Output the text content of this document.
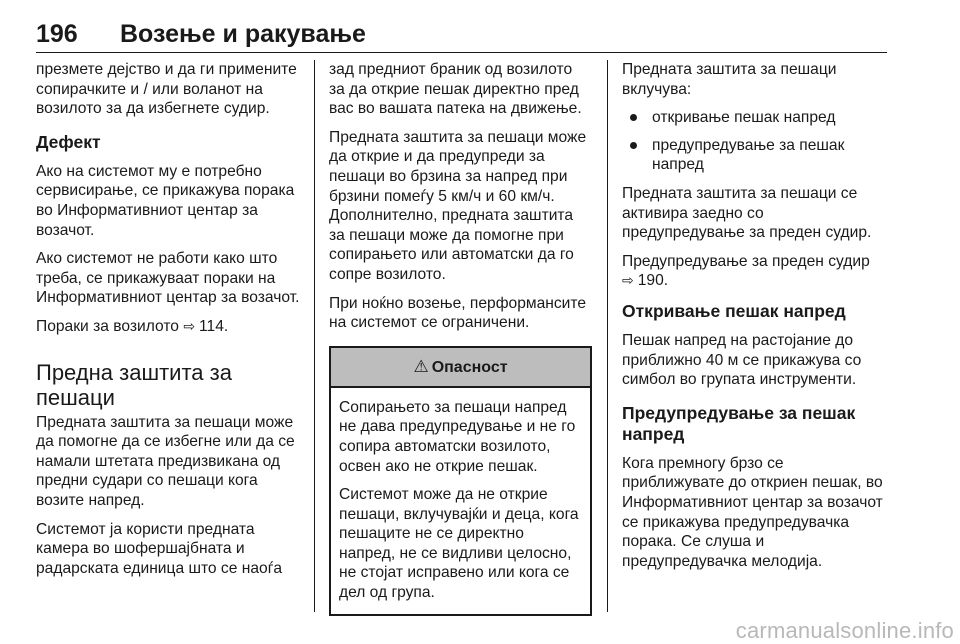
196 Возење и ракување

презмете дејство и да ги примените сопирачките и / или воланот на возилото за да избегнете судир.

Дефект

Ако на системот му е потребно сервисирање, се прикажува порака во Информативниот центар за возачот.

Ако системот не работи како што треба, се прикажуваат пораки на Информативниот центар за возачот.

Пораки за возилото ⇨ 114.

Предна заштита за пешаци

Предната заштита за пешаци може да помогне да се избегне или да се намали штетата предизвикана од предни судари со пешаци кога возите напред.

Системот ја користи предната камера во шофершајбната и радарската единица што се наоѓа

зад предниот браник од возилото за да открие пешак директно пред вас во вашата патека на движење.

Предната заштита за пешаци може да открие и да предупреди за пешаци во брзина за напред при брзини помеѓу 5 км/ч и 60 км/ч. Дополнително, предната заштита за пешаци може да помогне при сопирањето или автоматски да го сопре возилото.

При ноќно возење, перформансите на системот се ограничени.

⚠ Опасност

Сопирањето за пешаци напред не дава предупредување и не го сопира автоматски возилото, освен ако не открие пешак.

Системот може да не открие пешаци, вклучувајќи и деца, кога пешаците не се директно напред, не се видливи целосно, не стојат исправено или кога се дел од група.

Предната заштита за пешаци вклучува:

откривање пешак напред
предупредување за пешак напред

Предната заштита за пешаци се активира заедно со предупредување за преден судир.

Предупредување за преден судир
⇨ 190.

Откривање пешак напред

Пешак напред на растојание до приближно 40 м се прикажува со симбол во групата инструменти.

Предупредување за пешак напред

Кога премногу брзо се приближувате до откриен пешак, во Информативниот центар за возачот се прикажува предупредувачка порака. Се слуша и предупредувачка мелодија.

carmanualsonline.info
